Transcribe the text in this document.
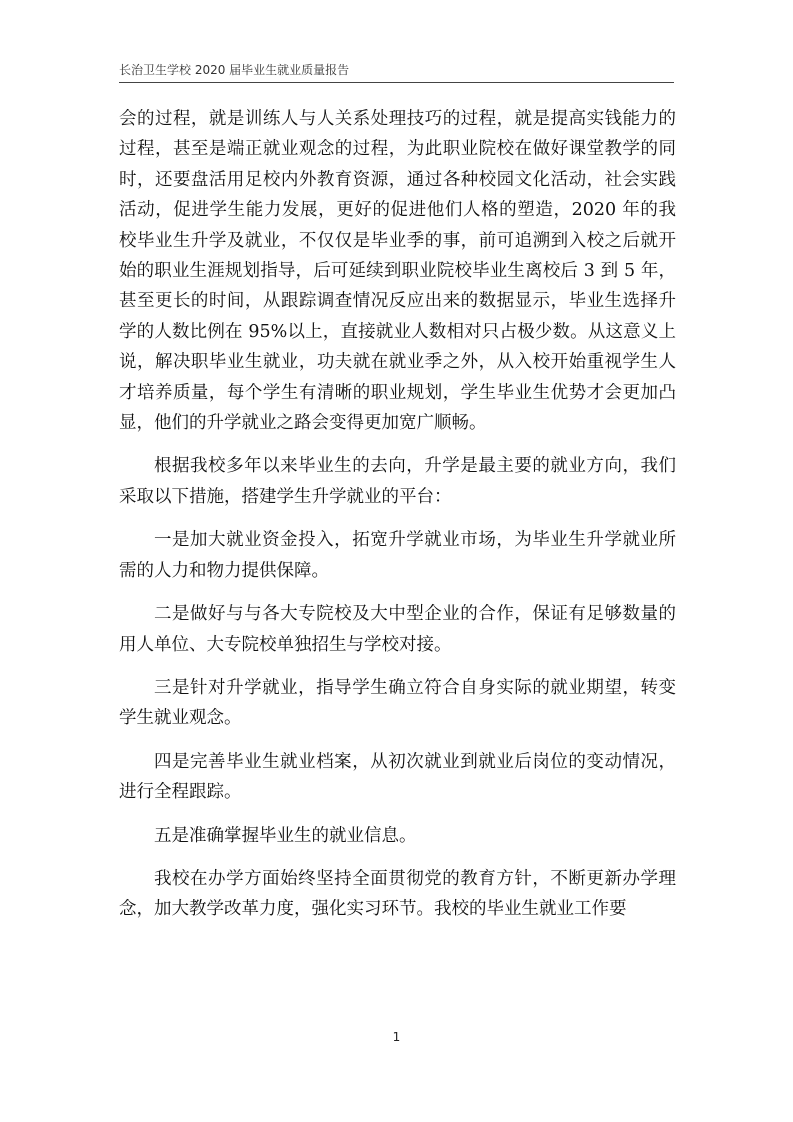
长治卫生学校 2020 届毕业生就业质量报告

会的过程，就是训练人与人关系处理技巧的过程，就是提高实钱能力的过程，甚至是端正就业观念的过程，为此职业院校在做好课堂教学的同时，还要盘活用足校内外教育资源，通过各种校园文化活动，社会实践活动，促进学生能力发展，更好的促进他们人格的塑造，2020 年的我校毕业生升学及就业，不仅仅是毕业季的事，前可追溯到入校之后就开始的职业生涯规划指导，后可延续到职业院校毕业生离校后 3 到 5 年，甚至更长的时间，从跟踪调查情况反应出来的数据显示，毕业生选择升学的人数比例在 95%以上，直接就业人数相对只占极少数。从这意义上说，解决职毕业生就业，功夫就在就业季之外，从入校开始重视学生人才培养质量，每个学生有清晰的职业规划，学生毕业生优势才会更加凸显，他们的升学就业之路会变得更加宽广顺畅。

根据我校多年以来毕业生的去向，升学是最主要的就业方向，我们采取以下措施，搭建学生升学就业的平台：

一是加大就业资金投入，拓宽升学就业市场，为毕业生升学就业所需的人力和物力提供保障。

二是做好与与各大专院校及大中型企业的合作，保证有足够数量的用人单位、大专院校单独招生与学校对接。

三是针对升学就业，指导学生确立符合自身实际的就业期望，转变学生就业观念。

四是完善毕业生就业档案，从初次就业到就业后岗位的变动情况，进行全程跟踪。

五是准确掌握毕业生的就业信息。

我校在办学方面始终坚持全面贯彻党的教育方针，不断更新办学理念，加大教学改革力度，强化实习环节。我校的毕业生就业工作要

1
